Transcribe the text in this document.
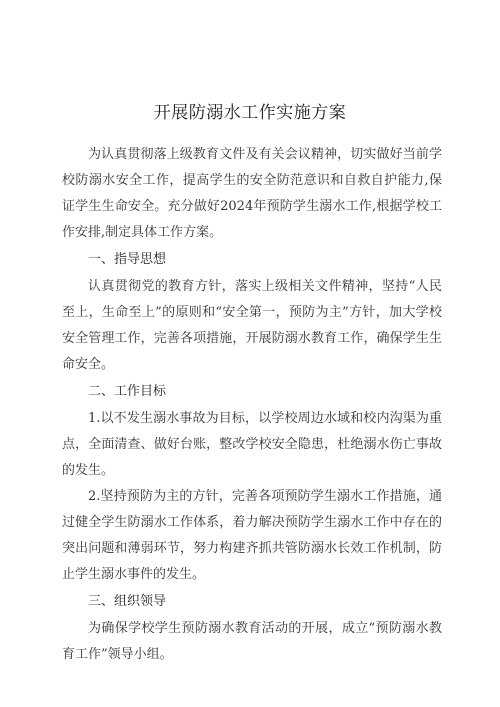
开展防溺水工作实施方案

为认真贯彻落上级教育文件及有关会议精神，切实做好当前学校防溺水安全工作，提高学生的安全防范意识和自救自护能力,保证学生生命安全。充分做好2024年预防学生溺水工作,根据学校工作安排,制定具体工作方案。

一、指导思想

认真贯彻党的教育方针，落实上级相关文件精神，坚持“人民至上，生命至上”的原则和“安全第一，预防为主”方针，加大学校安全管理工作，完善各项措施，开展防溺水教育工作，确保学生生命安全。

二、工作目标

1.以不发生溺水事故为目标，以学校周边水域和校内沟渠为重点，全面清查、做好台账，整改学校安全隐患，杜绝溺水伤亡事故的发生。

2.坚持预防为主的方针，完善各项预防学生溺水工作措施，通过健全学生防溺水工作体系，着力解决预防学生溺水工作中存在的突出问题和薄弱环节，努力构建齐抓共管防溺水长效工作机制，防止学生溺水事件的发生。

三、组织领导

为确保学校学生预防溺水教育活动的开展，成立“预防溺水教育工作”领导小组。
